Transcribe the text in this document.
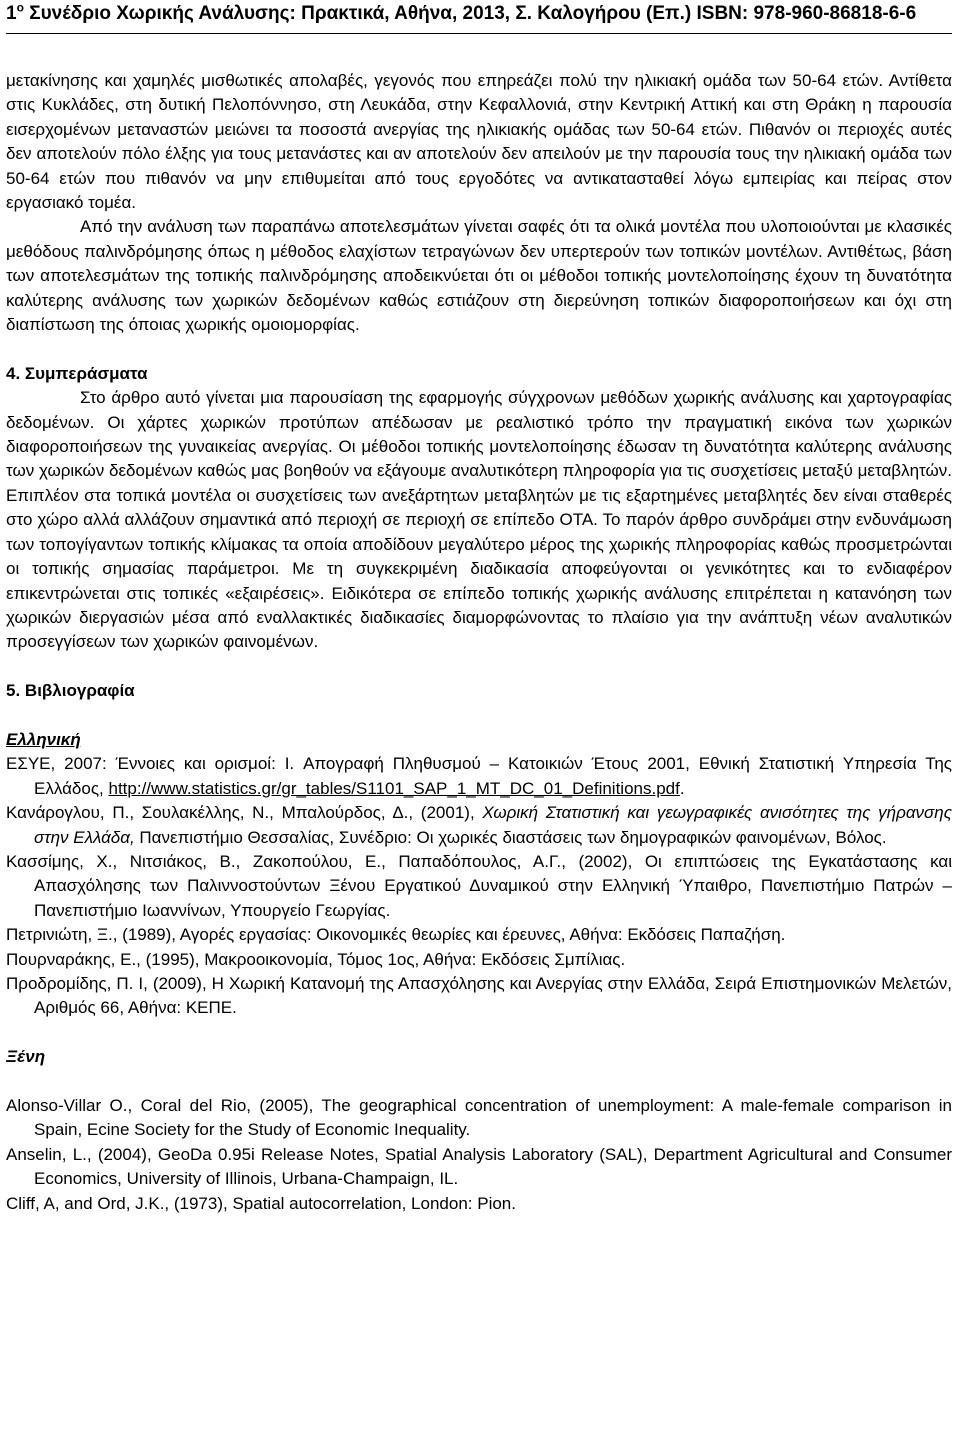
$1^o$ Συνέδριο Χωρικής Ανάλυσης: Πρακτικά, Αθήνα, 2013, Σ. Καλογήρου (Επ.) ISBN: 978-960-86818-6-6

μετακίνησης και χαμηλές μισθωτικές απολαβές, γεγονός που επηρεάζει πολύ την ηλικιακή ομάδα των 50-64 ετών. Αντίθετα στις Κυκλάδες, στη δυτική Πελοπόννησο, στη Λευκάδα, στην Κεφαλλονιά, στην Κεντρική Αττική και στη Θράκη η παρουσία εισερχομένων μεταναστών μειώνει τα ποσοστά ανεργίας της ηλικιακής ομάδας των 50-64 ετών. Πιθανόν οι περιοχές αυτές δεν αποτελούν πόλο έλξης για τους μετανάστες και αν αποτελούν δεν απειλούν με την παρουσία τους την ηλικιακή ομάδα των 50-64 ετών που πιθανόν να μην επιθυμείται από τους εργοδότες να αντικατασταθεί λόγω εμπειρίας και πείρας στον εργασιακό τομέα.

Από την ανάλυση των παραπάνω αποτελεσμάτων γίνεται σαφές ότι τα ολικά μοντέλα που υλοποιούνται με κλασικές μεθόδους παλινδρόμησης όπως η μέθοδος ελαχίστων τετραγώνων δεν υπερτερούν των τοπικών μοντέλων. Αντιθέτως, βάση των αποτελεσμάτων της τοπικής παλινδρόμησης αποδεικνύεται ότι οι μέθοδοι τοπικής μοντελοποίησης έχουν τη δυνατότητα καλύτερης ανάλυσης των χωρικών δεδομένων καθώς εστιάζουν στη διερεύνηση τοπικών διαφοροποιήσεων και όχι στη διαπίστωση της όποιας χωρικής ομοιομορφίας.

4. Συμπεράσματα

Στο άρθρο αυτό γίνεται μια παρουσίαση της εφαρμογής σύγχρονων μεθόδων χωρικής ανάλυσης και χαρτογραφίας δεδομένων. Οι χάρτες χωρικών προτύπων απέδωσαν με ρεαλιστικό τρόπο την πραγματική εικόνα των χωρικών διαφοροποιήσεων της γυναικείας ανεργίας. Οι μέθοδοι τοπικής μοντελοποίησης έδωσαν τη δυνατότητα καλύτερης ανάλυσης των χωρικών δεδομένων καθώς μας βοηθούν να εξάγουμε αναλυτικότερη πληροφορία για τις συσχετίσεις μεταξύ μεταβλητών. Επιπλέον στα τοπικά μοντέλα οι συσχετίσεις των ανεξάρτητων μεταβλητών με τις εξαρτημένες μεταβλητές δεν είναι σταθερές στο χώρο αλλά αλλάζουν σημαντικά από περιοχή σε περιοχή σε επίπεδο ΟΤΑ. Το παρόν άρθρο συνδράμει στην ενδυνάμωση των τοπογίγαντων τοπικής κλίμακας τα οποία αποδίδουν μεγαλύτερο μέρος της χωρικής πληροφορίας καθώς προσμετρώνται οι τοπικής σημασίας παράμετροι. Με τη συγκεκριμένη διαδικασία αποφεύγονται οι γενικότητες και το ενδιαφέρον επικεντρώνεται στις τοπικές «εξαιρέσεις». Ειδικότερα σε επίπεδο τοπικής χωρικής ανάλυσης επιτρέπεται η κατανόηση των χωρικών διεργασιών μέσα από εναλλακτικές διαδικασίες διαμορφώνοντας το πλαίσιο για την ανάπτυξη νέων αναλυτικών προσεγγίσεων των χωρικών φαινομένων.

5. Βιβλιογραφία

Ελληνική

ΕΣΥΕ, 2007: Έννοιες και ορισμοί: I. Απογραφή Πληθυσμού – Κατοικιών Έτους 2001, Εθνική Στατιστική Υπηρεσία Της Ελλάδος, http://www.statistics.gr/gr_tables/S1101_SAP_1_MT_DC_01_Definitions.pdf.

Κανάρογλου, Π., Σουλακέλλης, Ν., Μπαλούρδος, Δ., (2001), Χωρική Στατιστική και γεωγραφικές ανισότητες της γήρανσης στην Ελλάδα, Πανεπιστήμιο Θεσσαλίας, Συνέδριο: Οι χωρικές διαστάσεις των δημογραφικών φαινομένων, Βόλος.

Κασσίμης, Χ., Νιτσιάκος, Β., Ζακοπούλου, Ε., Παπαδόπουλος, Α.Γ., (2002), Οι επιπτώσεις της Εγκατάστασης και Απασχόλησης των Παλιννοστούντων Ξένου Εργατικού Δυναμικού στην Ελληνική Ύπαιθρο, Πανεπιστήμιο Πατρών – Πανεπιστήμιο Ιωαννίνων, Υπουργείο Γεωργίας.

Πετρινιώτη, Ξ., (1989), Αγορές εργασίας: Οικονομικές θεωρίες και έρευνες, Αθήνα: Εκδόσεις Παπαζήση.

Πουρναράκης, Ε., (1995), Μακροοικονομία, Τόμος 1ος, Αθήνα: Εκδόσεις Σμπίλιας.

Προδρομίδης, Π. Ι, (2009), Η Χωρική Κατανομή της Απασχόλησης και Ανεργίας στην Ελλάδα, Σειρά Επιστημονικών Μελετών, Αριθμός 66, Αθήνα: ΚΕΠΕ.

Ξένη

Alonso-Villar O., Coral del Rio, (2005), The geographical concentration of unemployment: A male-female comparison in Spain, Ecine Society for the Study of Economic Inequality.

Anselin, L., (2004), GeoDa 0.95i Release Notes, Spatial Analysis Laboratory (SAL), Department Agricultural and Consumer Economics, University of Illinois, Urbana-Champaign, IL.

Cliff, A, and Ord, J.K., (1973), Spatial autocorrelation, London: Pion.
